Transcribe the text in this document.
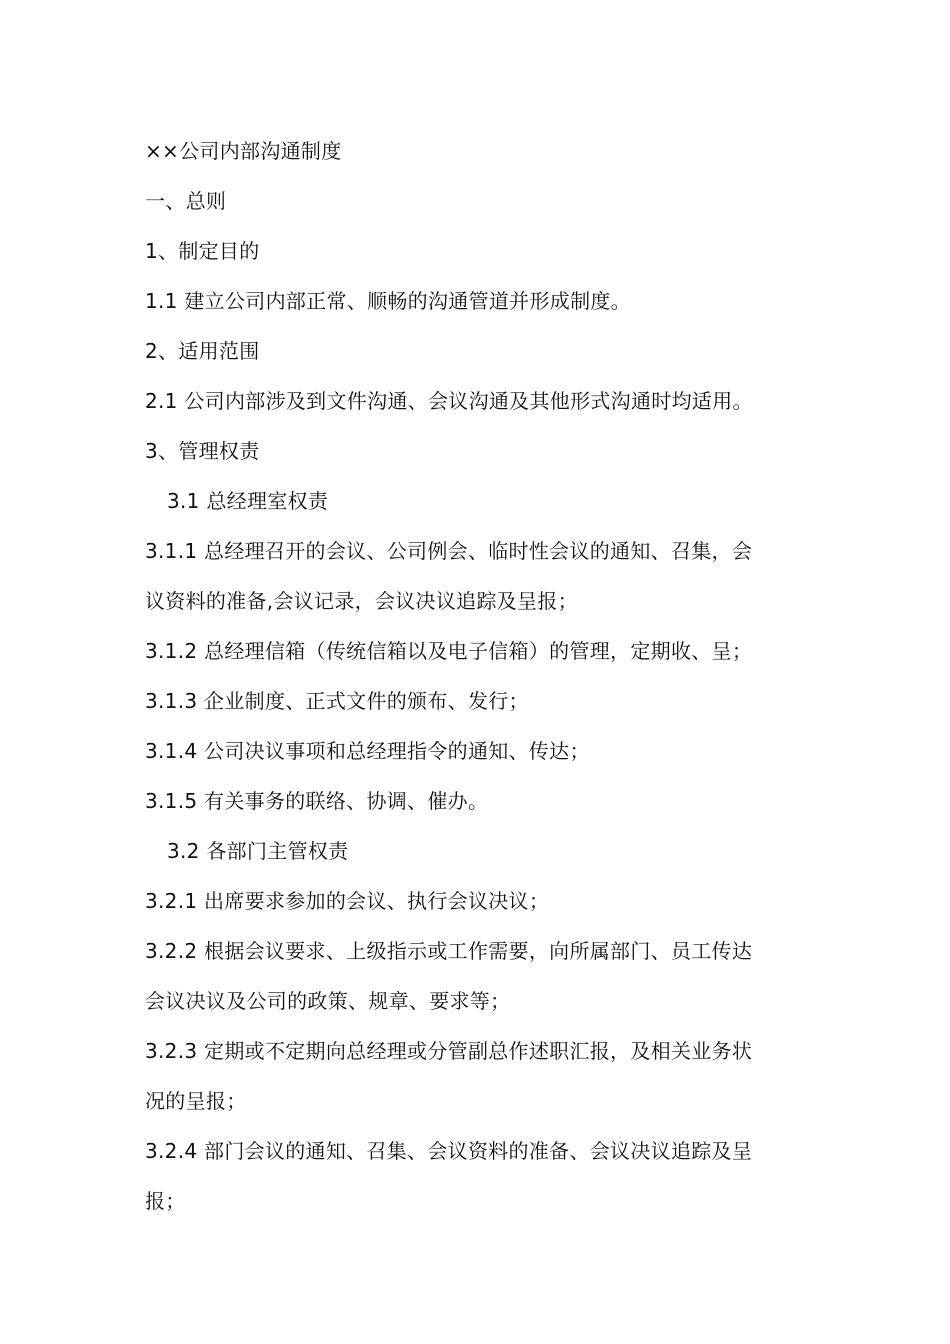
××公司内部沟通制度
一、总则
1、制定目的
1.1 建立公司内部正常、顺畅的沟通管道并形成制度。
2、适用范围
2.1 公司内部涉及到文件沟通、会议沟通及其他形式沟通时均适用。
3、管理权责
3.1 总经理室权责
3.1.1 总经理召开的会议、公司例会、临时性会议的通知、召集，会
议资料的准备,会议记录，会议决议追踪及呈报；
3.1.2 总经理信箱（传统信箱以及电子信箱）的管理，定期收、呈；
3.1.3 企业制度、正式文件的颁布、发行；
3.1.4 公司决议事项和总经理指令的通知、传达；
3.1.5 有关事务的联络、协调、催办。
3.2 各部门主管权责
3.2.1 出席要求参加的会议、执行会议决议；
3.2.2 根据会议要求、上级指示或工作需要，向所属部门、员工传达
会议决议及公司的政策、规章、要求等；
3.2.3 定期或不定期向总经理或分管副总作述职汇报，及相关业务状
况的呈报；
3.2.4 部门会议的通知、召集、会议资料的准备、会议决议追踪及呈
报；
